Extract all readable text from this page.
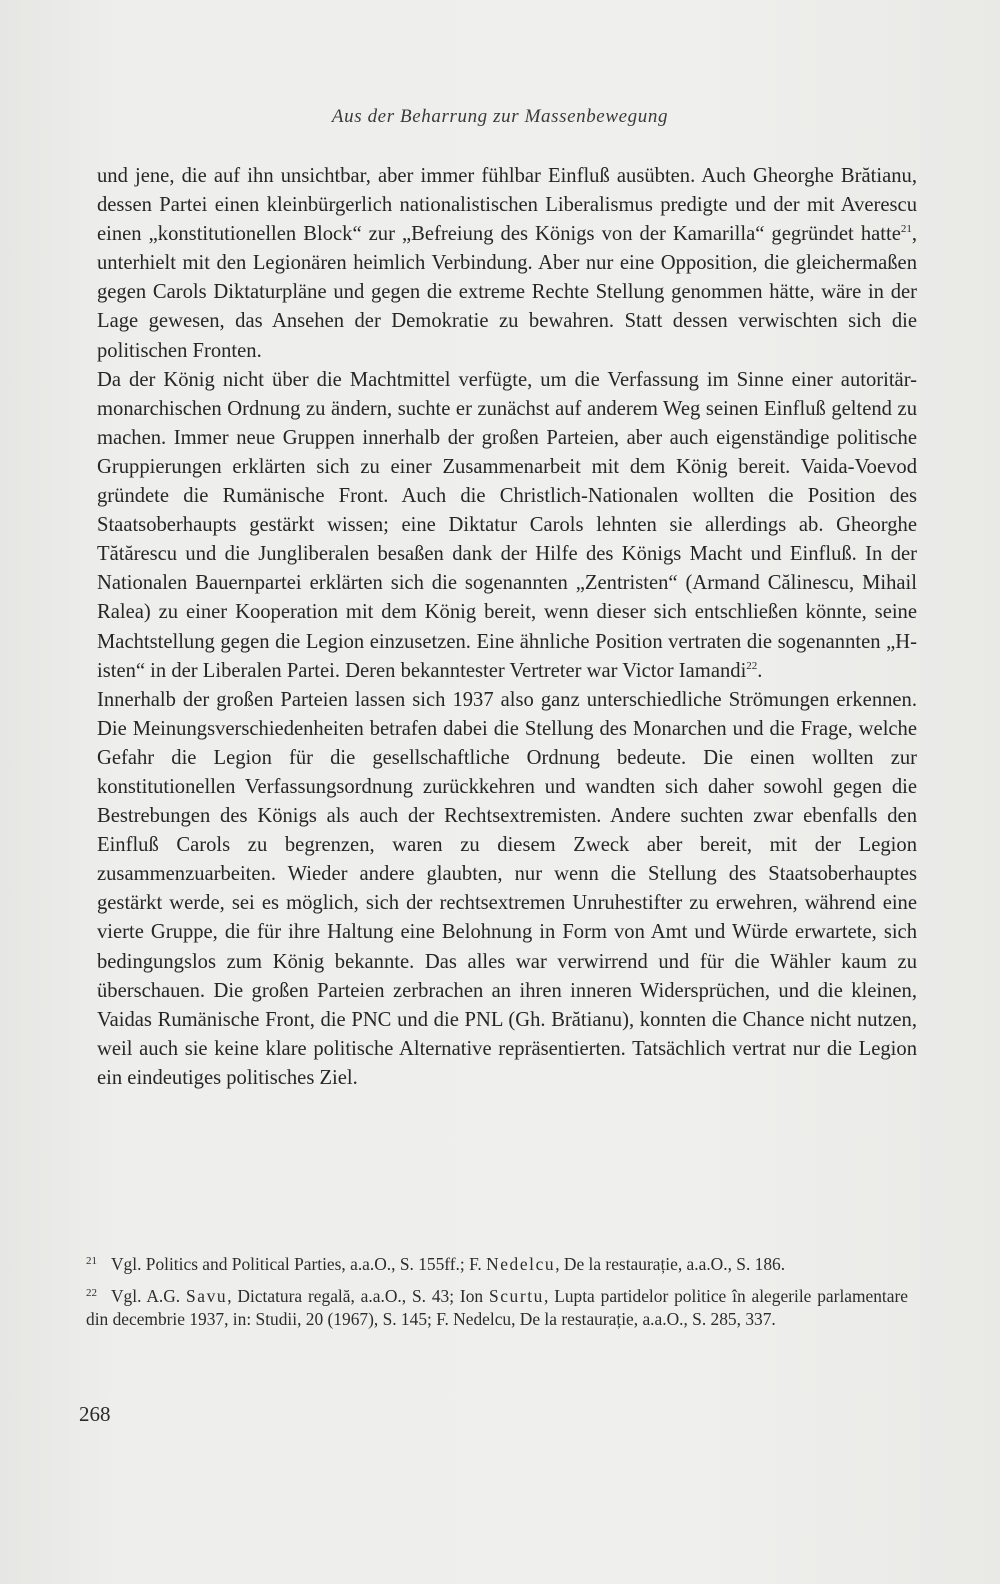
Aus der Beharrung zur Massenbewegung

und jene, die auf ihn unsichtbar, aber immer fühlbar Einfluß ausübten. Auch Gheorghe Brătianu, dessen Partei einen kleinbürgerlich nationalistischen Liberalismus predigte und der mit Averescu einen „konstitutionellen Block“ zur „Befreiung des Königs von der Kamarilla“ gegründet hatte$^{21}$, unterhielt mit den Legionären heimlich Verbindung. Aber nur eine Opposition, die gleichermaßen gegen Carols Diktaturpläne und gegen die extreme Rechte Stellung genommen hätte, wäre in der Lage gewesen, das Ansehen der Demokratie zu bewahren. Statt dessen verwischten sich die politischen Fronten.

Da der König nicht über die Machtmittel verfügte, um die Verfassung im Sinne einer autoritär-monarchischen Ordnung zu ändern, suchte er zunächst auf anderem Weg seinen Einfluß geltend zu machen. Immer neue Gruppen innerhalb der großen Parteien, aber auch eigenständige politische Gruppierungen erklärten sich zu einer Zusammenarbeit mit dem König bereit. Vaida-Voevod gründete die Rumänische Front. Auch die Christlich-Nationalen wollten die Position des Staatsoberhaupts gestärkt wissen; eine Diktatur Carols lehnten sie allerdings ab. Gheorghe Tătărescu und die Jungliberalen besaßen dank der Hilfe des Königs Macht und Einfluß. In der Nationalen Bauernpartei erklärten sich die sogenannten „Zentristen“ (Armand Călinescu, Mihail Ralea) zu einer Kooperation mit dem König bereit, wenn dieser sich entschließen könnte, seine Machtstellung gegen die Legion einzusetzen. Eine ähnliche Position vertraten die sogenannten „H-isten“ in der Liberalen Partei. Deren bekanntester Vertreter war Victor Iamandi$^{22}$.

Innerhalb der großen Parteien lassen sich 1937 also ganz unterschiedliche Strömungen erkennen. Die Meinungsverschiedenheiten betrafen dabei die Stellung des Monarchen und die Frage, welche Gefahr die Legion für die gesellschaftliche Ordnung bedeute. Die einen wollten zur konstitutionellen Verfassungsordnung zurückkehren und wandten sich daher sowohl gegen die Bestrebungen des Königs als auch der Rechtsextremisten. Andere suchten zwar ebenfalls den Einfluß Carols zu begrenzen, waren zu diesem Zweck aber bereit, mit der Legion zusammenzuarbeiten. Wieder andere glaubten, nur wenn die Stellung des Staatsoberhauptes gestärkt werde, sei es möglich, sich der rechtsextremen Unruhestifter zu erwehren, während eine vierte Gruppe, die für ihre Haltung eine Belohnung in Form von Amt und Würde erwartete, sich bedingungslos zum König bekannte. Das alles war verwirrend und für die Wähler kaum zu überschauen. Die großen Parteien zerbrachen an ihren inneren Widersprüchen, und die kleinen, Vaidas Rumänische Front, die PNC und die PNL (Gh. Brătianu), konnten die Chance nicht nutzen, weil auch sie keine klare politische Alternative repräsentierten. Tatsächlich vertrat nur die Legion ein eindeutiges politisches Ziel.

$^{21}$ Vgl. Politics and Political Parties, a.a.O., S. 155ff.; F. Nedelcu, De la restaurație, a.a.O., S. 186.

$^{22}$ Vgl. A.G. Savu, Dictatura regală, a.a.O., S. 43; Ion Scurtu, Lupta partidelor politice în alegerile parlamentare din decembrie 1937, in: Studii, 20 (1967), S. 145; F. Nedelcu, De la restaurație, a.a.O., S. 285, 337.

268
